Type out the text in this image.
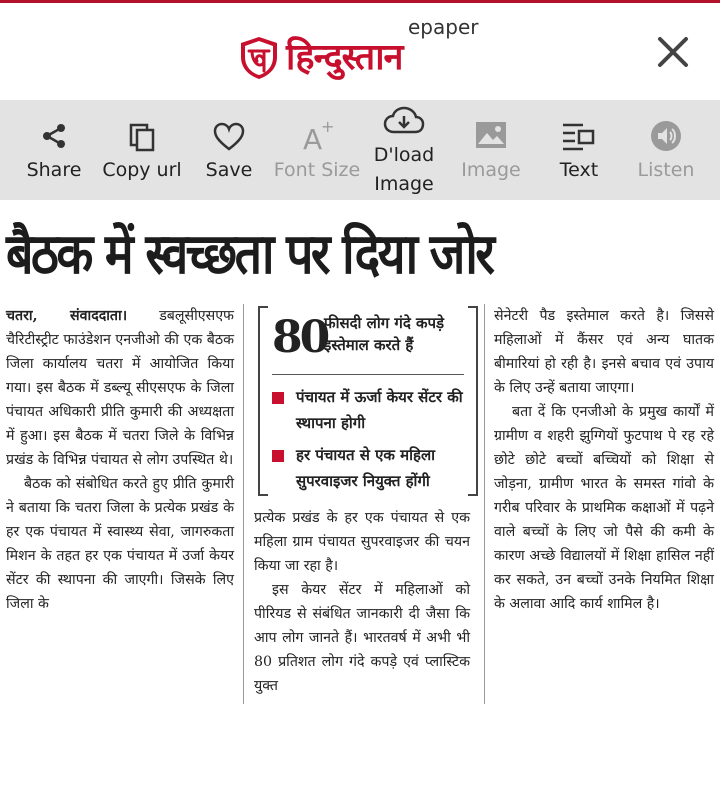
हिन्दुस्तान
epaper
Share Copy url Save
A
+
Font Size
D'load
Image
Image	Text	Listen
बैठक में स्वच्छता पर दिया जोर

चतरा, संवाददाता। डबलूसीएसएफ चैरिटीस्ट्रीट फाउंडेशन एनजीओ की एक बैठक जिला कार्यालय चतरा में आयोजित किया गया। इस बैठक में डब्ल्यू सीएसएफ के जिला पंचायत अधिकारी प्रीति कुमारी की अध्यक्षता में हुआ। इस बैठक में चतरा जिले के विभिन्न प्रखंड के विभिन्न पंचायत से लोग उपस्थित थे।

बैठक को संबोधित करते हुए प्रीति कुमारी ने बताया कि चतरा जिला के प्रत्येक प्रखंड के हर एक पंचायत में स्वास्थ्य सेवा, जागरुकता मिशन के तहत हर एक पंचायत में उर्जा केयर सेंटर की स्थापना की जाएगी। जिसके लिए जिला के

80
फीसदी लोग गंदे कपड़े इस्तेमाल करते हैं
पंचायत में ऊर्जा केयर सेंटर की स्थापना होगी
हर पंचायत से एक महिला सुपरवाइजर नियुक्त होंगी

प्रत्येक प्रखंड के हर एक पंचायत से एक महिला ग्राम पंचायत सुपरवाइजर की चयन किया जा रहा है।

इस केयर सेंटर में महिलाओं को पीरियड से संबंधित जानकारी दी जैसा कि आप लोग जानते हैं। भारतवर्ष में अभी भी 80 प्रतिशत लोग गंदे कपड़े एवं प्लास्टिक युक्त

सेनेटरी पैड इस्तेमाल करते है। जिससे महिलाओं में कैंसर एवं अन्य घातक बीमारियां हो रही है। इनसे बचाव एवं उपाय के लिए उन्हें बताया जाएगा।

बता दें कि एनजीओ के प्रमुख कार्यों में ग्रामीण व शहरी झुग्गियों फुटपाथ पे रह रहे छोटे छोटे बच्चों बच्चियों को शिक्षा से जोड़ना, ग्रामीण भारत के समस्त गांवो के गरीब परिवार के प्राथमिक कक्षाओं में पढ़ने वाले बच्चों के लिए जो पैसे की कमी के कारण अच्छे विद्यालयों में शिक्षा हासिल नहीं कर सकते, उन बच्चों उनके नियमित शिक्षा के अलावा आदि कार्य शामिल है।
